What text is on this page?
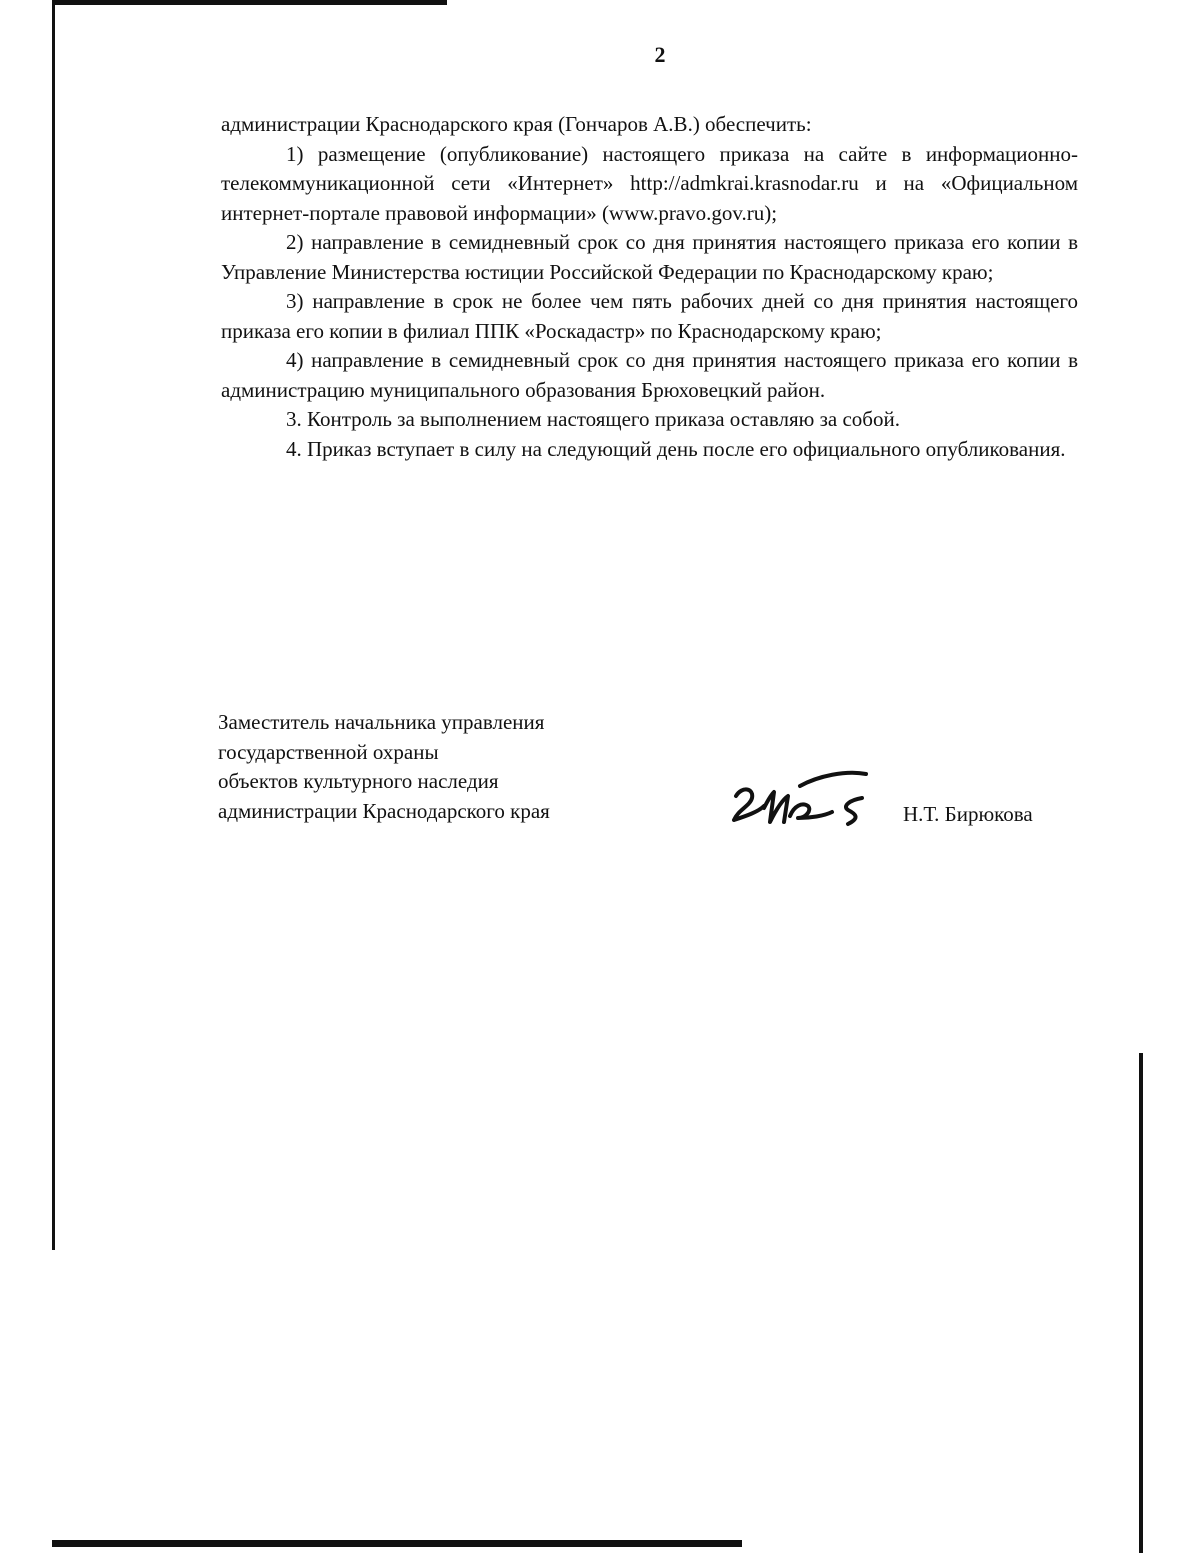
2

администрации Краснодарского края (Гончаров А.В.) обеспечить:

1) размещение (опубликование) настоящего приказа на сайте в информационно-телекоммуникационной сети «Интернет» http://admkrai.krasnodar.ru и на «Официальном интернет-портале правовой информации» (www.pravo.gov.ru);

2) направление в семидневный срок со дня принятия настоящего приказа его копии в Управление Министерства юстиции Российской Федерации по Краснодарскому краю;

3) направление в срок не более чем пять рабочих дней со дня принятия настоящего приказа его копии в филиал ППК «Роскадастр» по Краснодарскому краю;

4) направление в семидневный срок со дня принятия настоящего приказа его копии в администрацию муниципального образования Брюховецкий район.

3. Контроль за выполнением настоящего приказа оставляю за собой.

4. Приказ вступает в силу на следующий день после его официального опубликования.

Заместитель начальника управления
государственной охраны
объектов культурного наследия
администрации Краснодарского края	Н.Т. Бирюкова
